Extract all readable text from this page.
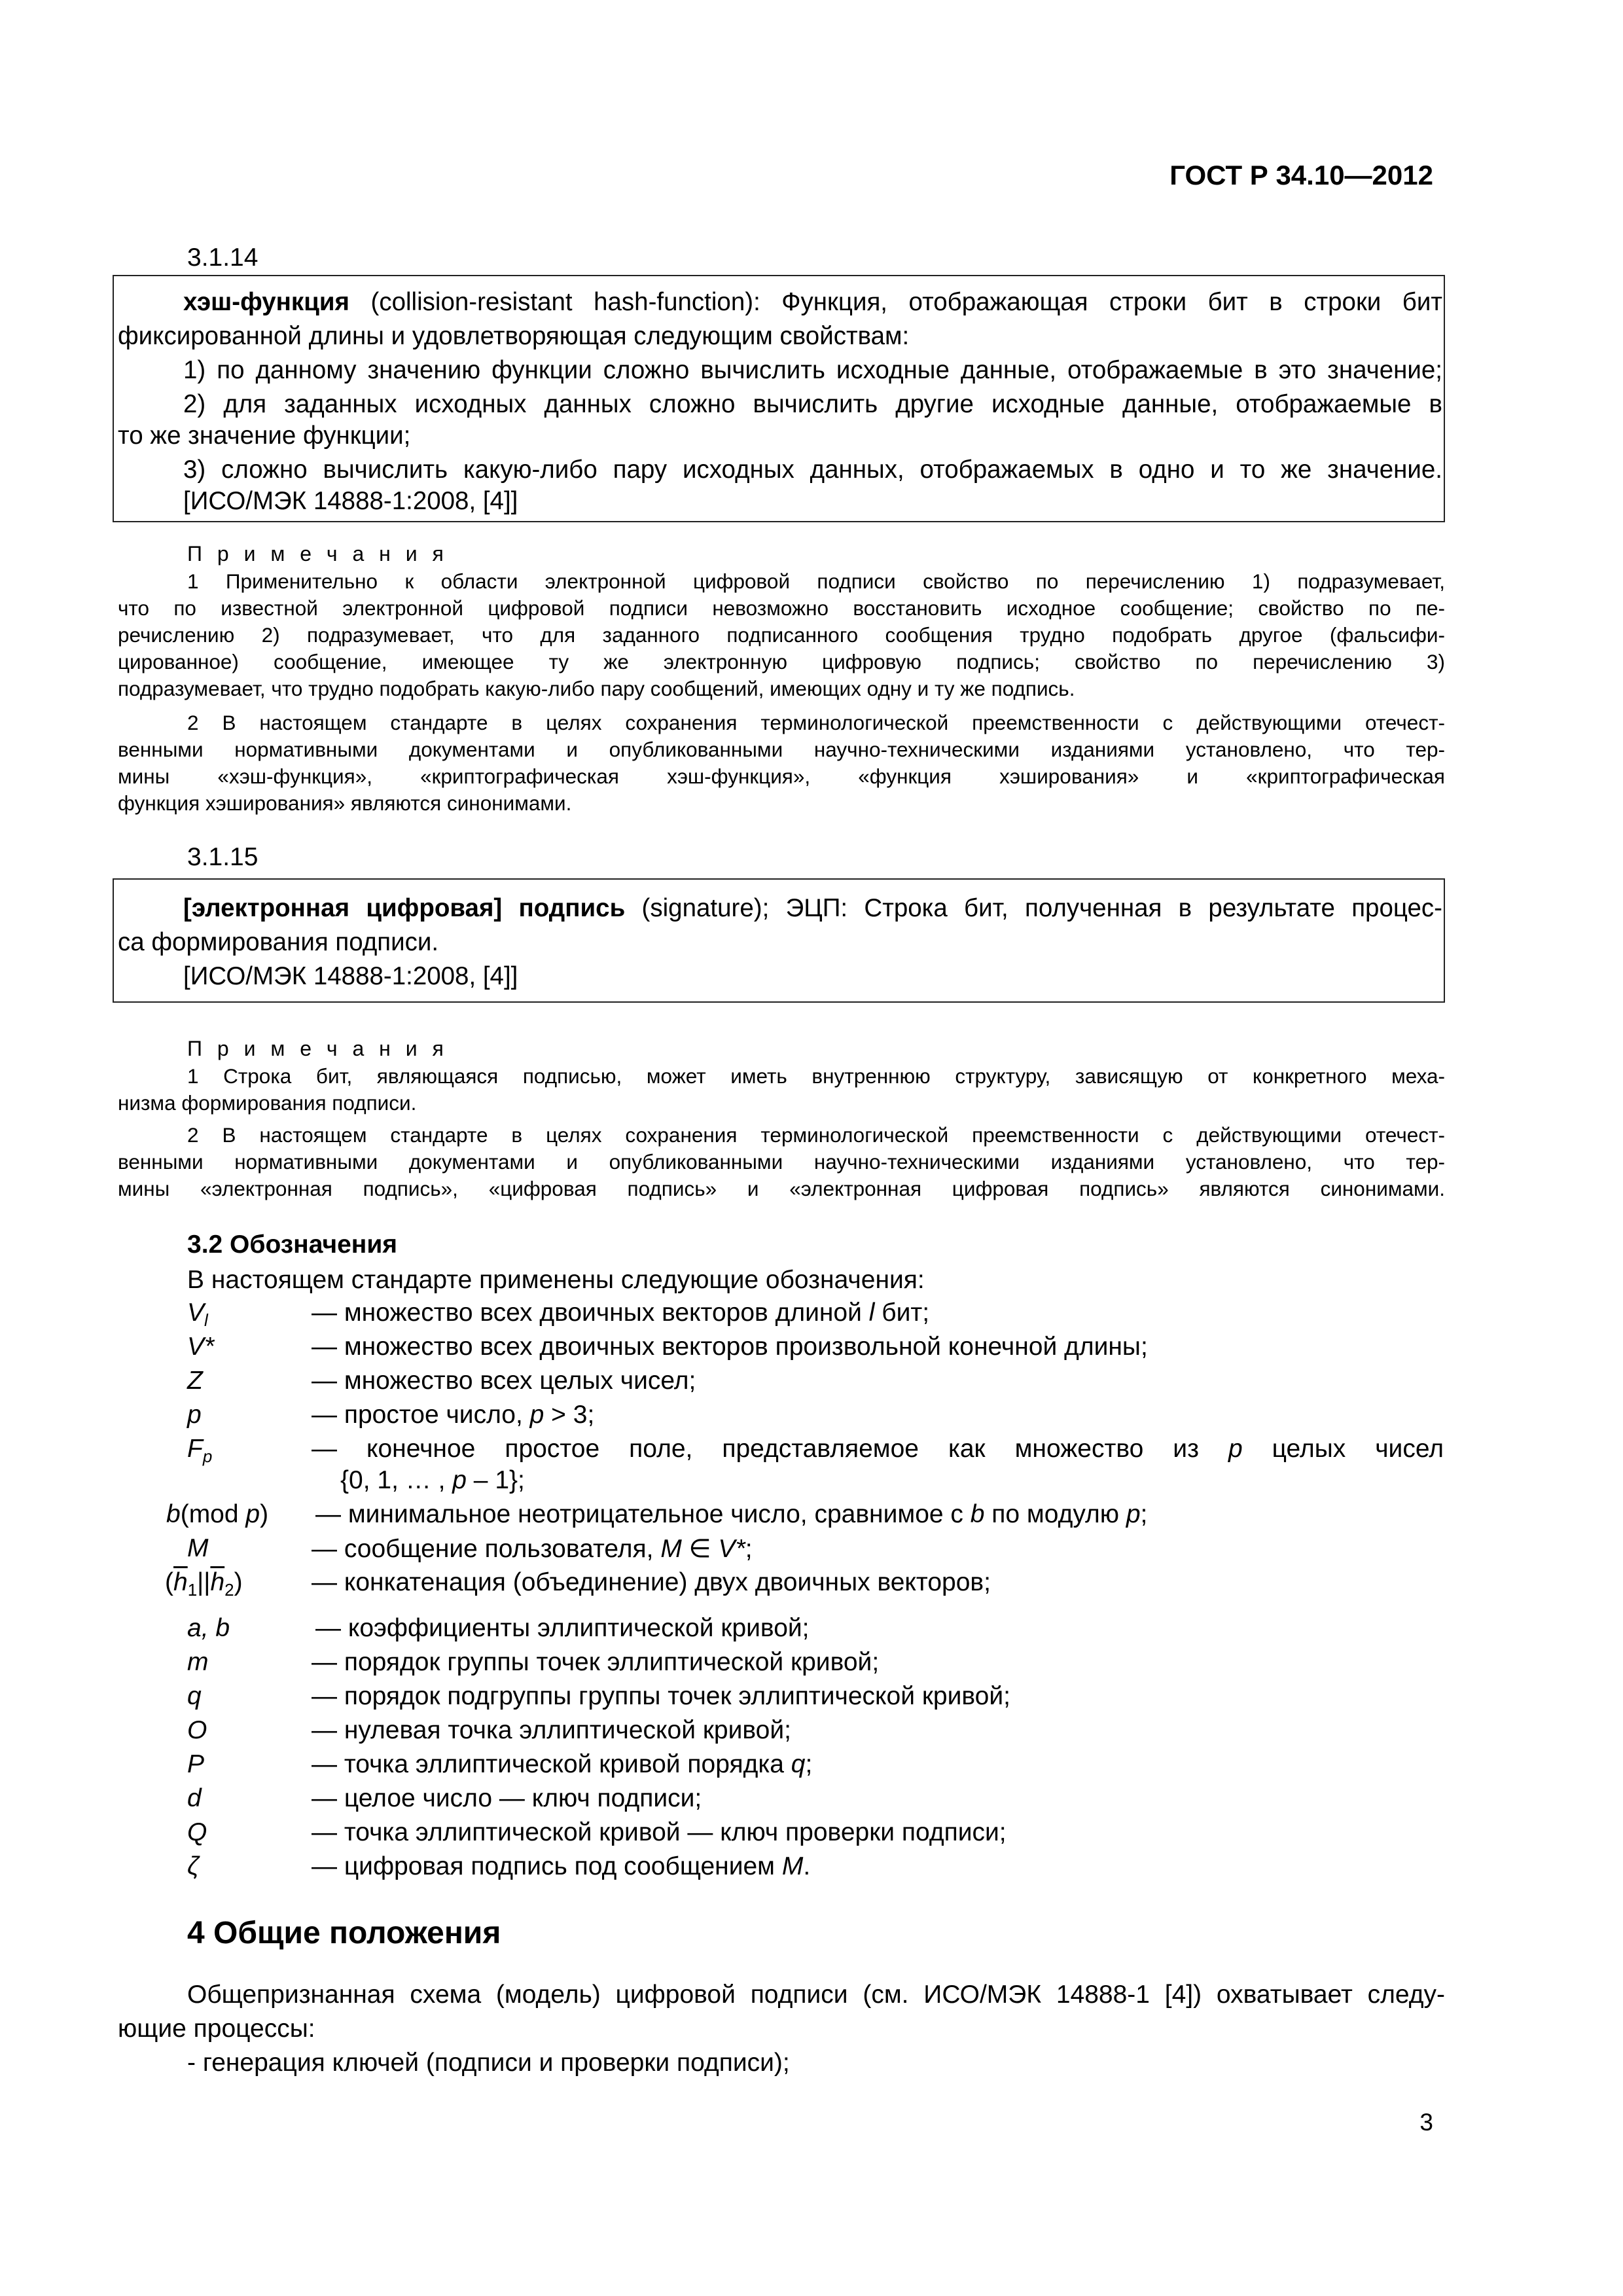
ГОСТ Р 34.10—2012
3.1.14
хэш-функция (collision-resistant hash-function): Функция, отображающая строки бит в строки бит
фиксированной длины и удовлетворяющая следующим свойствам:
1) по данному значению функции сложно вычислить исходные данные, отображаемые в это значение;
2) для заданных исходных данных сложно вычислить другие исходные данные, отображаемые в
то же значение функции;
3) сложно вычислить какую-либо пару исходных данных, отображаемых в одно и то же значение.
[ИСО/МЭК 14888-1:2008, [4]]
П р и м е ч а н и я
1 Применительно к области электронной цифровой подписи свойство по перечислению 1) подразумевает,
что по известной электронной цифровой подписи невозможно восстановить исходное сообщение; свойство по пе-
речислению 2) подразумевает, что для заданного подписанного сообщения трудно подобрать другое (фальсифи-
цированное) сообщение, имеющее ту же электронную цифровую подпись; свойство по перечислению 3)
подразумевает, что трудно подобрать какую-либо пару сообщений, имеющих одну и ту же подпись.
2 В настоящем стандарте в целях сохранения терминологической преемственности с действующими отечест-
венными нормативными документами и опубликованными научно-техническими изданиями установлено, что тер-
мины «хэш-функция», «криптографическая хэш-функция», «функция хэширования» и «криптографическая
функция хэширования» являются синонимами.
3.1.15
[электронная цифровая] подпись (signature); ЭЦП: Строка бит, полученная в результате процес-
са формирования подписи.
[ИСО/МЭК 14888-1:2008, [4]]
П р и м е ч а н и я
1 Строка бит, являющаяся подписью, может иметь внутреннюю структуру, зависящую от конкретного меха-
низма формирования подписи.
2 В настоящем стандарте в целях сохранения терминологической преемственности с действующими отечест-
венными нормативными документами и опубликованными научно-техническими изданиями установлено, что тер-
мины «электронная подпись», «цифровая подпись» и «электронная цифровая подпись» являются синонимами.
3.2 Обозначения
В настоящем стандарте применены следующие обозначения:
$V_l$	— множество всех двоичных векторов длиной l бит;
V*	— множество всех двоичных векторов произвольной конечной длины;
Z	— множество всех целых чисел;
p	— простое число, p > 3;
$F_p$	— конечное простое поле, представляемое как множество из p целых чисел
{0, 1, … , p – 1};
b(mod p) — минимальное неотрицательное число, сравнимое с b по модулю p;
M	— сообщение пользователя, M ∈ V*;
$(\overline{h}_1||\overline{h}_2)$	— конкатенация (объединение) двух двоичных векторов;
a, b	— коэффициенты эллиптической кривой;
m	— порядок группы точек эллиптической кривой;
q	— порядок подгруппы группы точек эллиптической кривой;
O	— нулевая точка эллиптической кривой;
P	— точка эллиптической кривой порядка q;
d	— целое число — ключ подписи;
Q	— точка эллиптической кривой — ключ проверки подписи;
ζ	— цифровая подпись под сообщением M.
4 Общие положения
Общепризнанная схема (модель) цифровой подписи (см. ИСО/МЭК 14888-1 [4]) охватывает следу-
ющие процессы:
- генерация ключей (подписи и проверки подписи);
3
